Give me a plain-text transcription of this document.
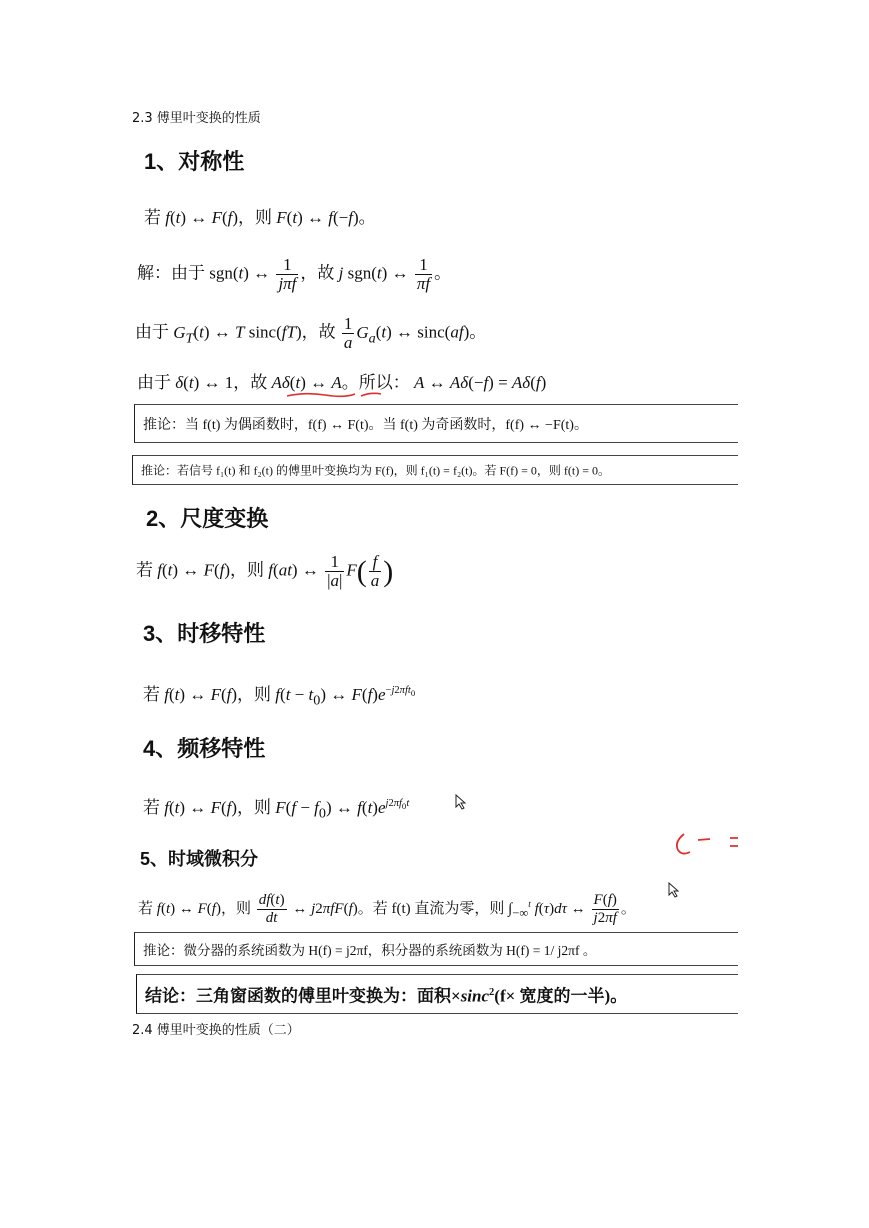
2.3 傅里叶变换的性质
1、对称性
若 f(t) ↔ F(f)，则 F(t) ↔ f(−f)。
解：由于 sgn(t) ↔ $\frac{1}{\text{jπf}}$ ，故 j sgn(t) ↔ $\frac{1}{\pi f}$ 。
由于 $G_T(t)$ ↔ T sinc(fT)，故 $\frac{1}{a} G_a(t)$ ↔ sinc(af)。
由于 δ(t) ↔ 1，故 Aδ(t) ↔ A。所以： A ↔ Aδ(−f) = Aδ(f)
推论：当 f(t) 为偶函数时，f(f) ↔ F(t)。当 f(t) 为奇函数时，f(f) ↔ −F(t)。
推论：若信号 f₁(t) 和 f₂(t) 的傅里叶变换均为 F(f)，则 f₁(t) = f₂(t)。若 F(f) = 0，则 f(t) = 0。
2、尺度变换
若 f(t) ↔ F(f)，则 f(at) ↔ $\frac{1}{|a|} F( \frac{f}{a}$ )
3、时移特性
若 f(t) ↔ F(f)，则 $f(t - t_0)$ ↔ $F(f)e^{-j2\pi ft_0}$
4、频移特性
若 f(t) ↔ F(f)，则 $F(f - f_0)$ ↔ $f(t)e^{j2\pi f_0t}$
5、时域微积分
若 f(t) ↔ F(f)，则 $\frac{df(t)}{dt}$ ↔ j2πfF(f)。若 f(t) 直流为零，则 $\int_{-\infty}^t$ f(τ)dτ ↔ $\frac{F(f)}{j2\pi f}$ 。
推论：微分器的系统函数为 H(f) = j2πf，积分器的系统函数为 H(f) = 1/ j2πf 。
结论：三角窗函数的傅里叶变换为：面积×sinc$^2$(f× 宽度的一半)。
2.4 傅里叶变换的性质（二）
